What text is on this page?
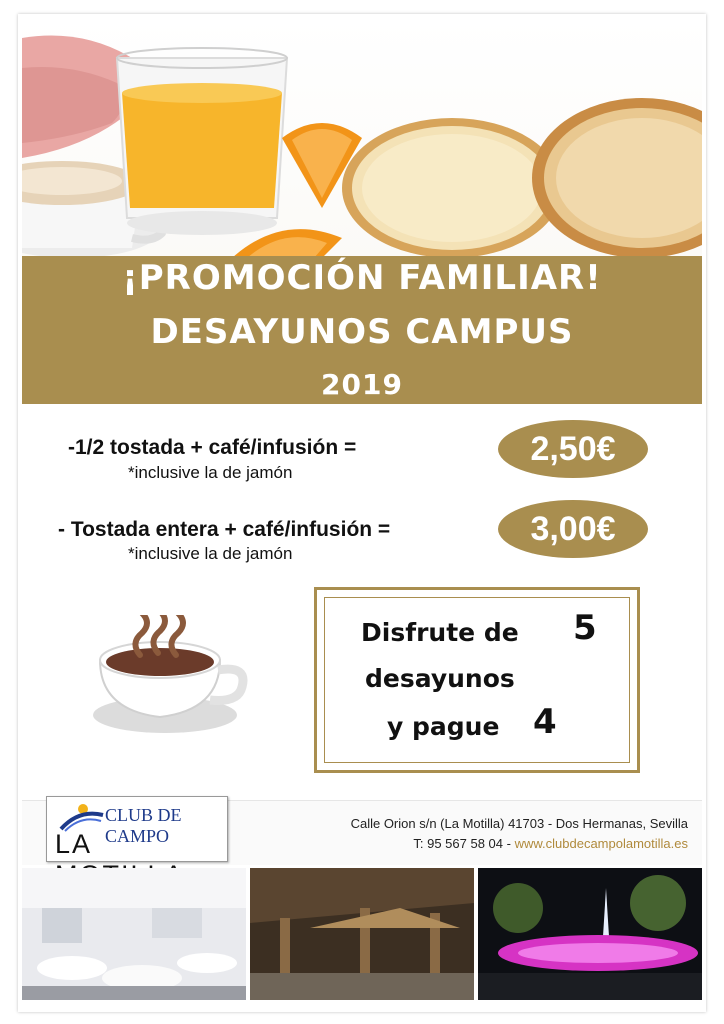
¡PROMOCIÓN FAMILIAR!
DESAYUNOS CAMPUS
2019
-1/2 tostada + café/infusión =
*inclusive la de jamón
2,50€
- Tostada entera + café/infusión =
*inclusive la de jamón
3,00€
Disfrute de 5
desayunos
y pague 4
CLUB DE CAMPO
LA
Calle Orion s/n (La Motilla) 41703 - Dos Hermanas, Sevilla
T: 95 567 58 04 - www.clubdecampolamotilla.es
